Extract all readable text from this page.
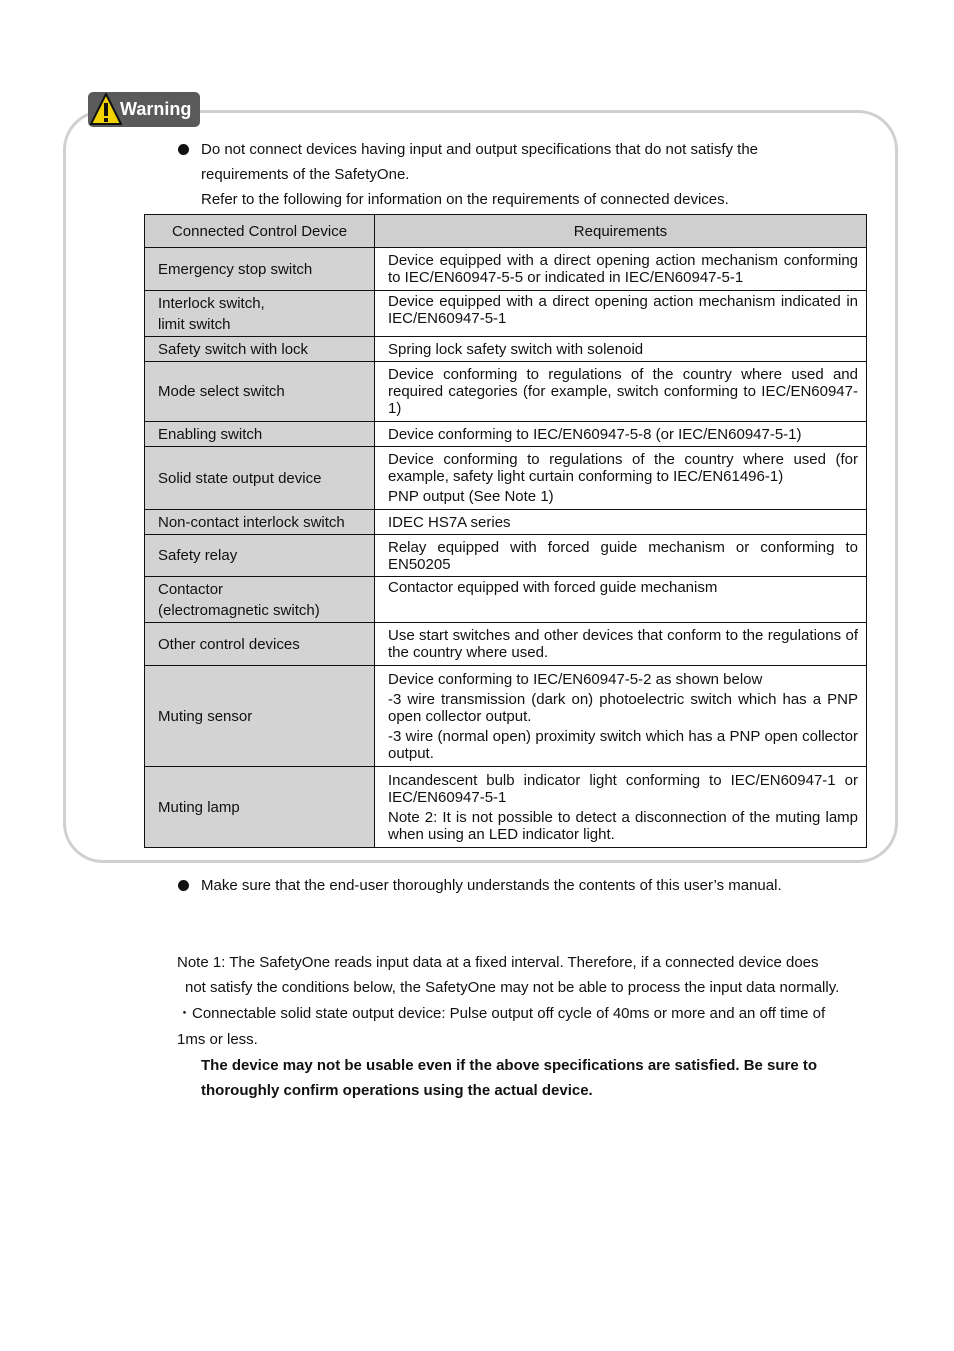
Warning
Do not connect devices having input and output specifications that do not satisfy the
requirements of the SafetyOne.
Refer to the following for information on the requirements of connected devices.
Connected Control Device	Requirements

Emergency stop switch	Device equipped with a direct opening action mechanism conforming to IEC/EN60947-5-5 or indicated in IEC/EN60947-5-1

Interlock switch,
limit switch	Device equipped with a direct opening action mechanism indicated in IEC/EN60947-5-1

Safety switch with lock	Spring lock safety switch with solenoid

Mode select switch	Device conforming to regulations of the country where used and required categories (for example, switch conforming to IEC/EN60947-1)

Enabling switch	Device conforming to IEC/EN60947-5-8 (or IEC/EN60947-5-1)

Solid state output device	Device conforming to regulations of the country where used (for example, safety light curtain conforming to IEC/EN61496-1)

PNP output (See Note 1)

Non-contact interlock switch	IDEC HS7A series

Safety relay	Relay equipped with forced guide mechanism or conforming to EN50205

Contactor
(electromagnetic switch)	Contactor equipped with forced guide mechanism

Other control devices	Use start switches and other devices that conform to the regulations of the country where used.

Muting sensor	Device conforming to IEC/EN60947-5-2 as shown below

-3 wire transmission (dark on) photoelectric switch which has a PNP open collector output.

-3 wire (normal open) proximity switch which has a PNP open collector output.

Muting lamp	Incandescent bulb indicator light conforming to IEC/EN60947-1 or IEC/EN60947-5-1

Note 2: It is not possible to detect a disconnection of the muting lamp when using an LED indicator light.

Make sure that the end-user thoroughly understands the contents of this user’s manual.
Note 1: The SafetyOne reads input data at a fixed interval. Therefore, if a connected device does
not satisfy the conditions below, the SafetyOne may not be able to process the input data normally.
・Connectable solid state output device: Pulse output off cycle of 40ms or more and an off time of
1ms or less.
The device may not be usable even if the above specifications are satisfied. Be sure to thoroughly confirm operations using the actual device.
